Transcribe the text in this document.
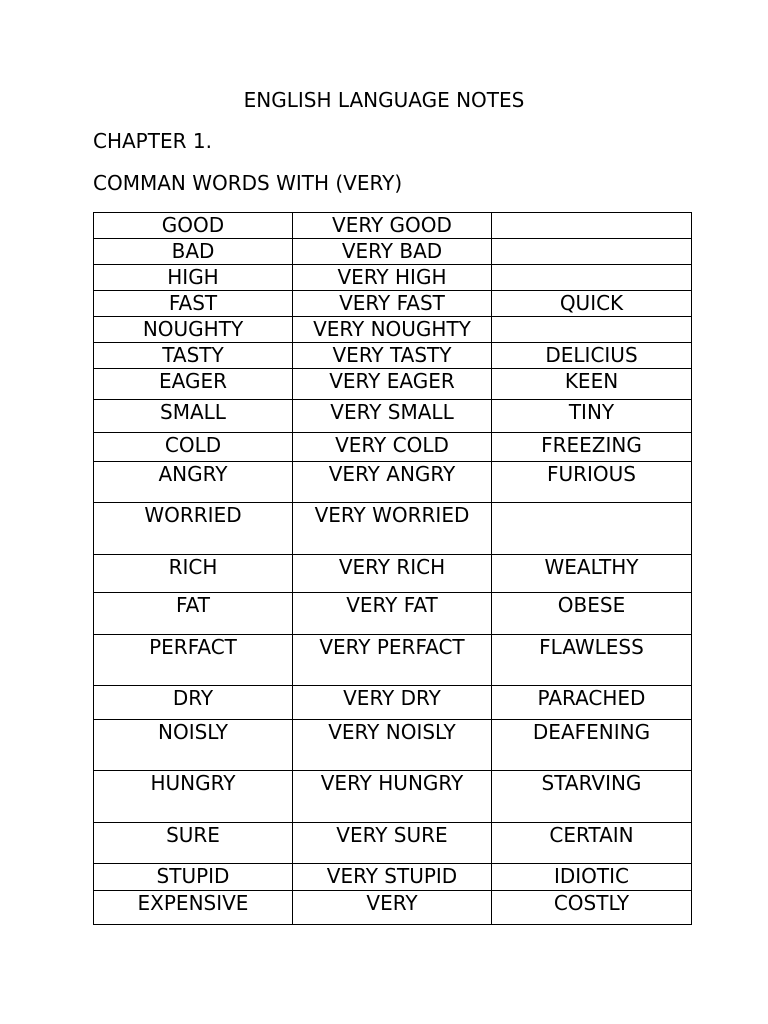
ENGLISH LANGUAGE NOTES
CHAPTER 1.
COMMAN WORDS WITH (VERY)
GOOD	VERY GOOD	
BAD	VERY BAD	
HIGH	VERY HIGH	
FAST	VERY FAST	QUICK
NOUGHTY	VERY NOUGHTY	
TASTY	VERY TASTY	DELICIUS
EAGER	VERY EAGER	KEEN
SMALL	VERY SMALL	TINY
COLD	VERY COLD	FREEZING
ANGRY	VERY ANGRY	FURIOUS
WORRIED	VERY WORRIED	
RICH	VERY RICH	WEALTHY
FAT	VERY FAT	OBESE
PERFACT	VERY PERFACT	FLAWLESS
DRY	VERY DRY	PARACHED
NOISLY	VERY NOISLY	DEAFENING
HUNGRY	VERY HUNGRY	STARVING
SURE	VERY SURE	CERTAIN
STUPID	VERY STUPID	IDIOTIC
EXPENSIVE	VERY	COSTLY
